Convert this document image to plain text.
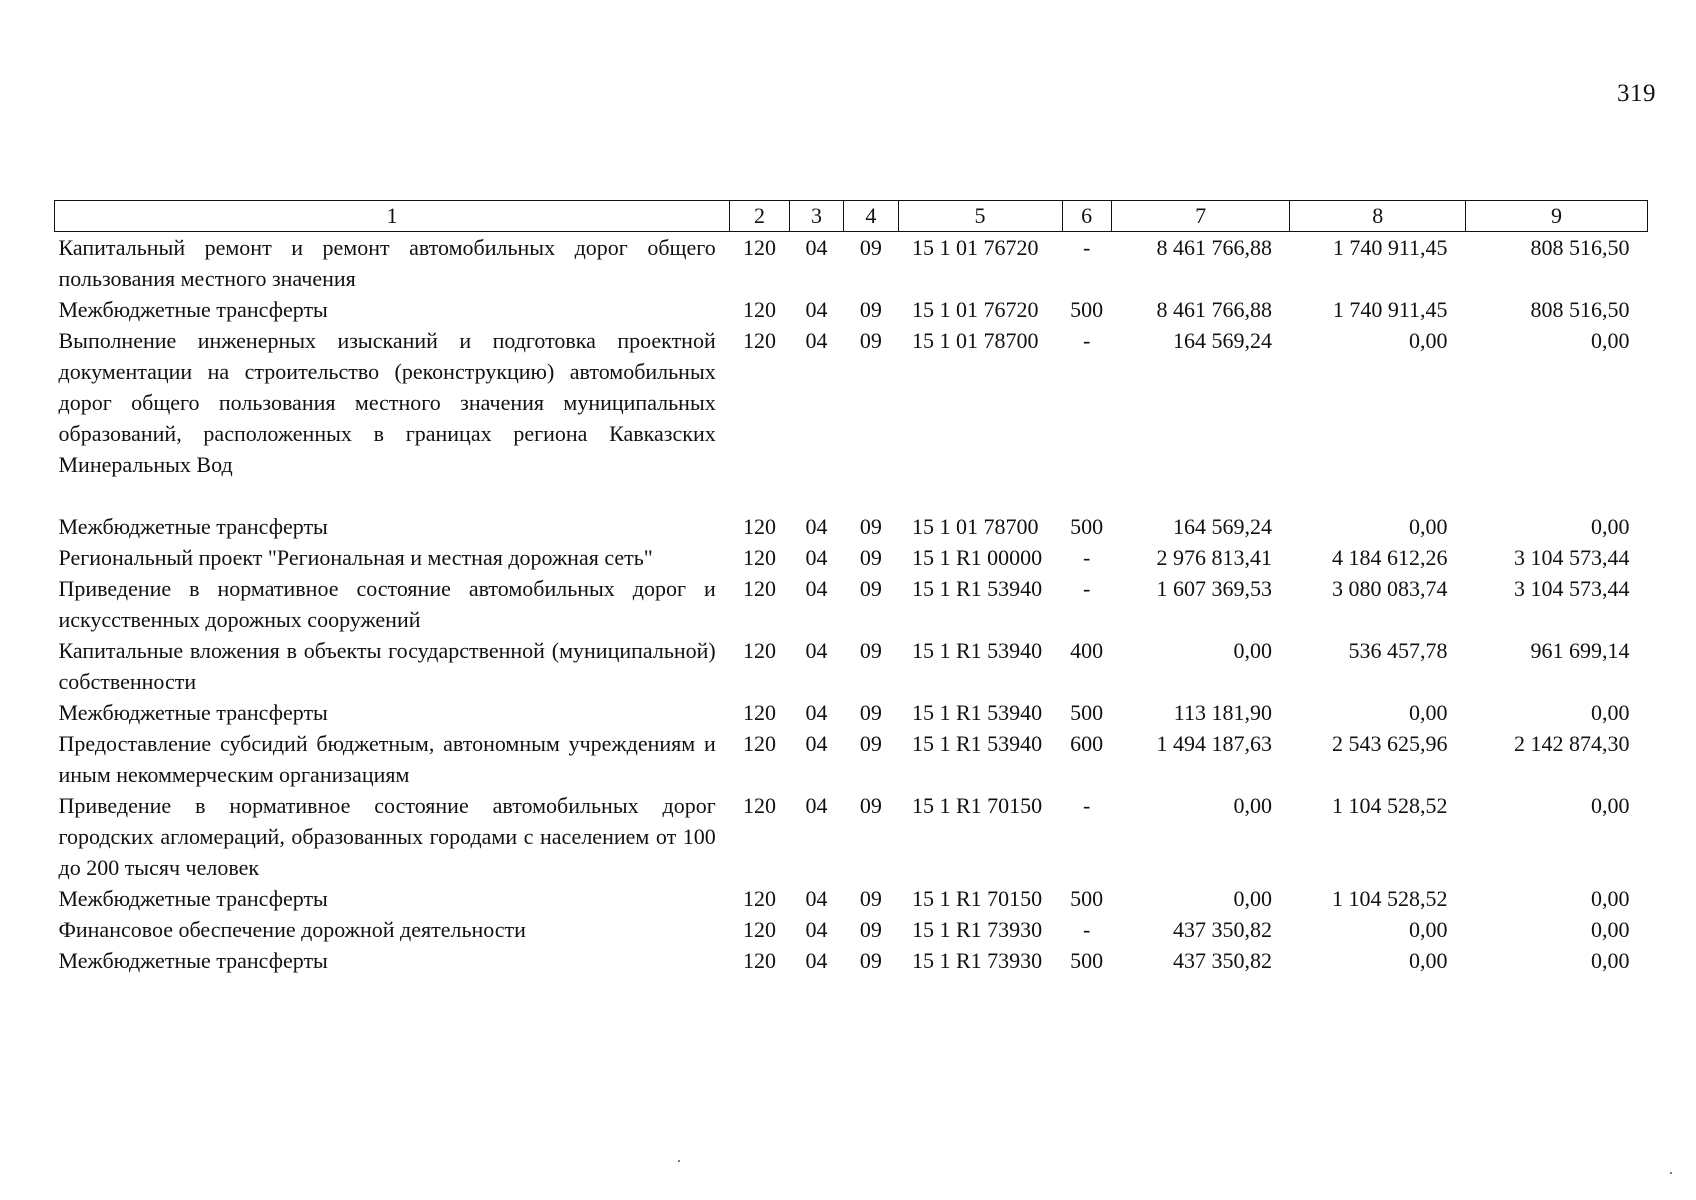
319
1	2	3	4	5	6	7	8	9
Капитальный ремонт и ремонт автомобильных дорог общего пользования местного значения	120	04	09	15 1 01 76720	-	8 461 766,88	1 740 911,45	808 516,50
Межбюджетные трансферты	120	04	09	15 1 01 76720	500	8 461 766,88	1 740 911,45	808 516,50
Выполнение инженерных изысканий и подготовка проектной документации на строительство (реконструкцию) автомобильных дорог общего пользования местного значения муниципальных образований, расположенных в границах региона Кавказских Минеральных Вод	120	04	09	15 1 01 78700	-	164 569,24	0,00	0,00

Межбюджетные трансферты	120	04	09	15 1 01 78700	500	164 569,24	0,00	0,00
Региональный проект "Региональная и местная дорожная сеть"	120	04	09	15 1 R1 00000	-	2 976 813,41	4 184 612,26	3 104 573,44
Приведение в нормативное состояние автомобильных дорог и искусственных дорожных сооружений	120	04	09	15 1 R1 53940	-	1 607 369,53	3 080 083,74	3 104 573,44
Капитальные вложения в объекты государственной (муниципальной) собственности	120	04	09	15 1 R1 53940	400	0,00	536 457,78	961 699,14
Межбюджетные трансферты	120	04	09	15 1 R1 53940	500	113 181,90	0,00	0,00
Предоставление субсидий бюджетным, автономным учреждениям и иным некоммерческим организациям	120	04	09	15 1 R1 53940	600	1 494 187,63	2 543 625,96	2 142 874,30
Приведение в нормативное состояние автомобильных дорог городских агломераций, образованных городами с населением от 100 до 200 тысяч человек	120	04	09	15 1 R1 70150	-	0,00	1 104 528,52	0,00
Межбюджетные трансферты	120	04	09	15 1 R1 70150	500	0,00	1 104 528,52	0,00
Финансовое обеспечение дорожной деятельности	120	04	09	15 1 R1 73930	-	437 350,82	0,00	0,00
Межбюджетные трансферты	120	04	09	15 1 R1 73930	500	437 350,82	0,00	0,00
